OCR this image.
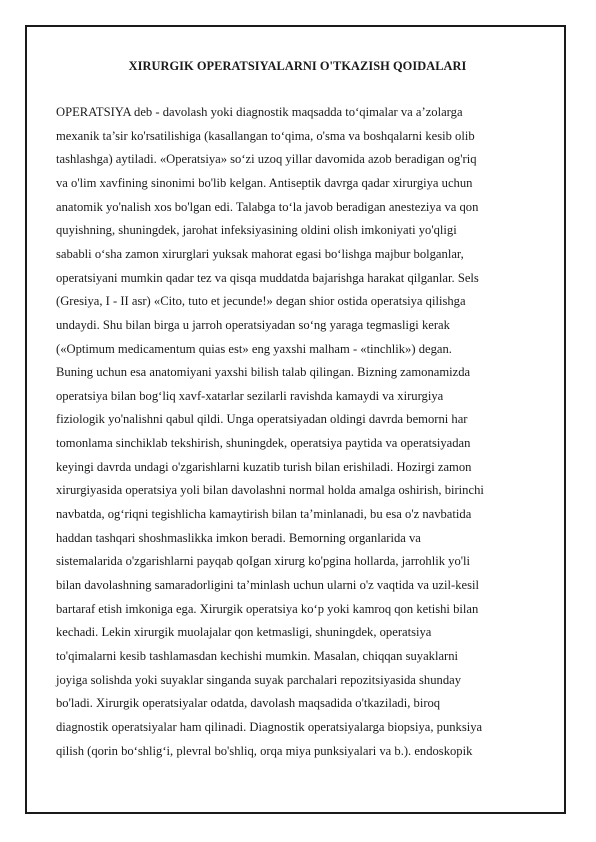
XIRURGIK OPERATSIYALARNI O'TKAZISH QOIDALARI
OPERATSIYA deb - davolash yoki diagnostik maqsadda to‘qimalar va a’zolarga
mexanik ta’sir ko'rsatilishiga (kasallangan to‘qima, o'sma va boshqalarni kesib olib
tashlashga) aytiladi. «Operatsiya» so‘zi uzoq yillar davomida azob beradigan og'riq
va o'lim xavfining sinonimi bo'lib kelgan. Antiseptik davrga qadar xirurgiya uchun
anatomik yo'nalish xos bo'lgan edi. Talabga to‘la javob beradigan anesteziya va qon
quyishning, shuningdek, jarohat infeksiyasining oldini olish imkoniyati yo'qligi
sababli o‘sha zamon xirurglari yuksak mahorat egasi bo‘lishga majbur bolganlar,
operatsiyani mumkin qadar tez va qisqa muddatda bajarishga harakat qilganlar. Sels
(Gresiya, I - II asr) «Cito, tuto et jecunde!» degan shior ostida operatsiya qilishga
undaydi. Shu bilan birga u jarroh operatsiyadan so‘ng yaraga tegmasligi kerak
(«Optimum medicamentum quias est» eng yaxshi malham - «tinchlik») degan.
Buning uchun esa anatomiyani yaxshi bilish talab qilingan. Bizning zamonamizda
operatsiya bilan bog‘liq xavf-xatarlar sezilarli ravishda kamaydi va xirurgiya
fiziologik yo'nalishni qabul qildi. Unga operatsiyadan oldingi davrda bemorni har
tomonlama sinchiklab tekshirish, shuningdek, operatsiya paytida va operatsiyadan
keyingi davrda undagi o'zgarishlarni kuzatib turish bilan erishiladi. Hozirgi zamon
xirurgiyasida operatsiya yoli bilan davolashni normal holda amalga oshirish, birinchi
navbatda, og‘riqni tegishlicha kamaytirish bilan ta’minlanadi, bu esa o'z navbatida
haddan tashqari shoshmaslikka imkon beradi. Bemorning organlarida va
sistemalarida o'zgarishlarni payqab qoIgan xirurg ko'pgina hollarda, jarrohlik yo'li
bilan davolashning samaradorligini ta’minlash uchun ularni o'z vaqtida va uzil-kesil
bartaraf etish imkoniga ega. Xirurgik operatsiya ko‘p yoki kamroq qon ketishi bilan
kechadi. Lekin xirurgik muolajalar qon ketmasligi, shuningdek, operatsiya
to'qimalarni kesib tashlamasdan kechishi mumkin. Masalan, chiqqan suyaklarni
joyiga solishda yoki suyaklar singanda suyak parchalari repozitsiyasida shunday
bo'ladi. Xirurgik operatsiyalar odatda, davolash maqsadida o'tkaziladi, biroq
diagnostik operatsiyalar ham qilinadi. Diagnostik operatsiyalarga biopsiya, punksiya
qilish (qorin bo‘shlig‘i, plevral bo'shliq, orqa miya punksiyalari va b.). endoskopik
